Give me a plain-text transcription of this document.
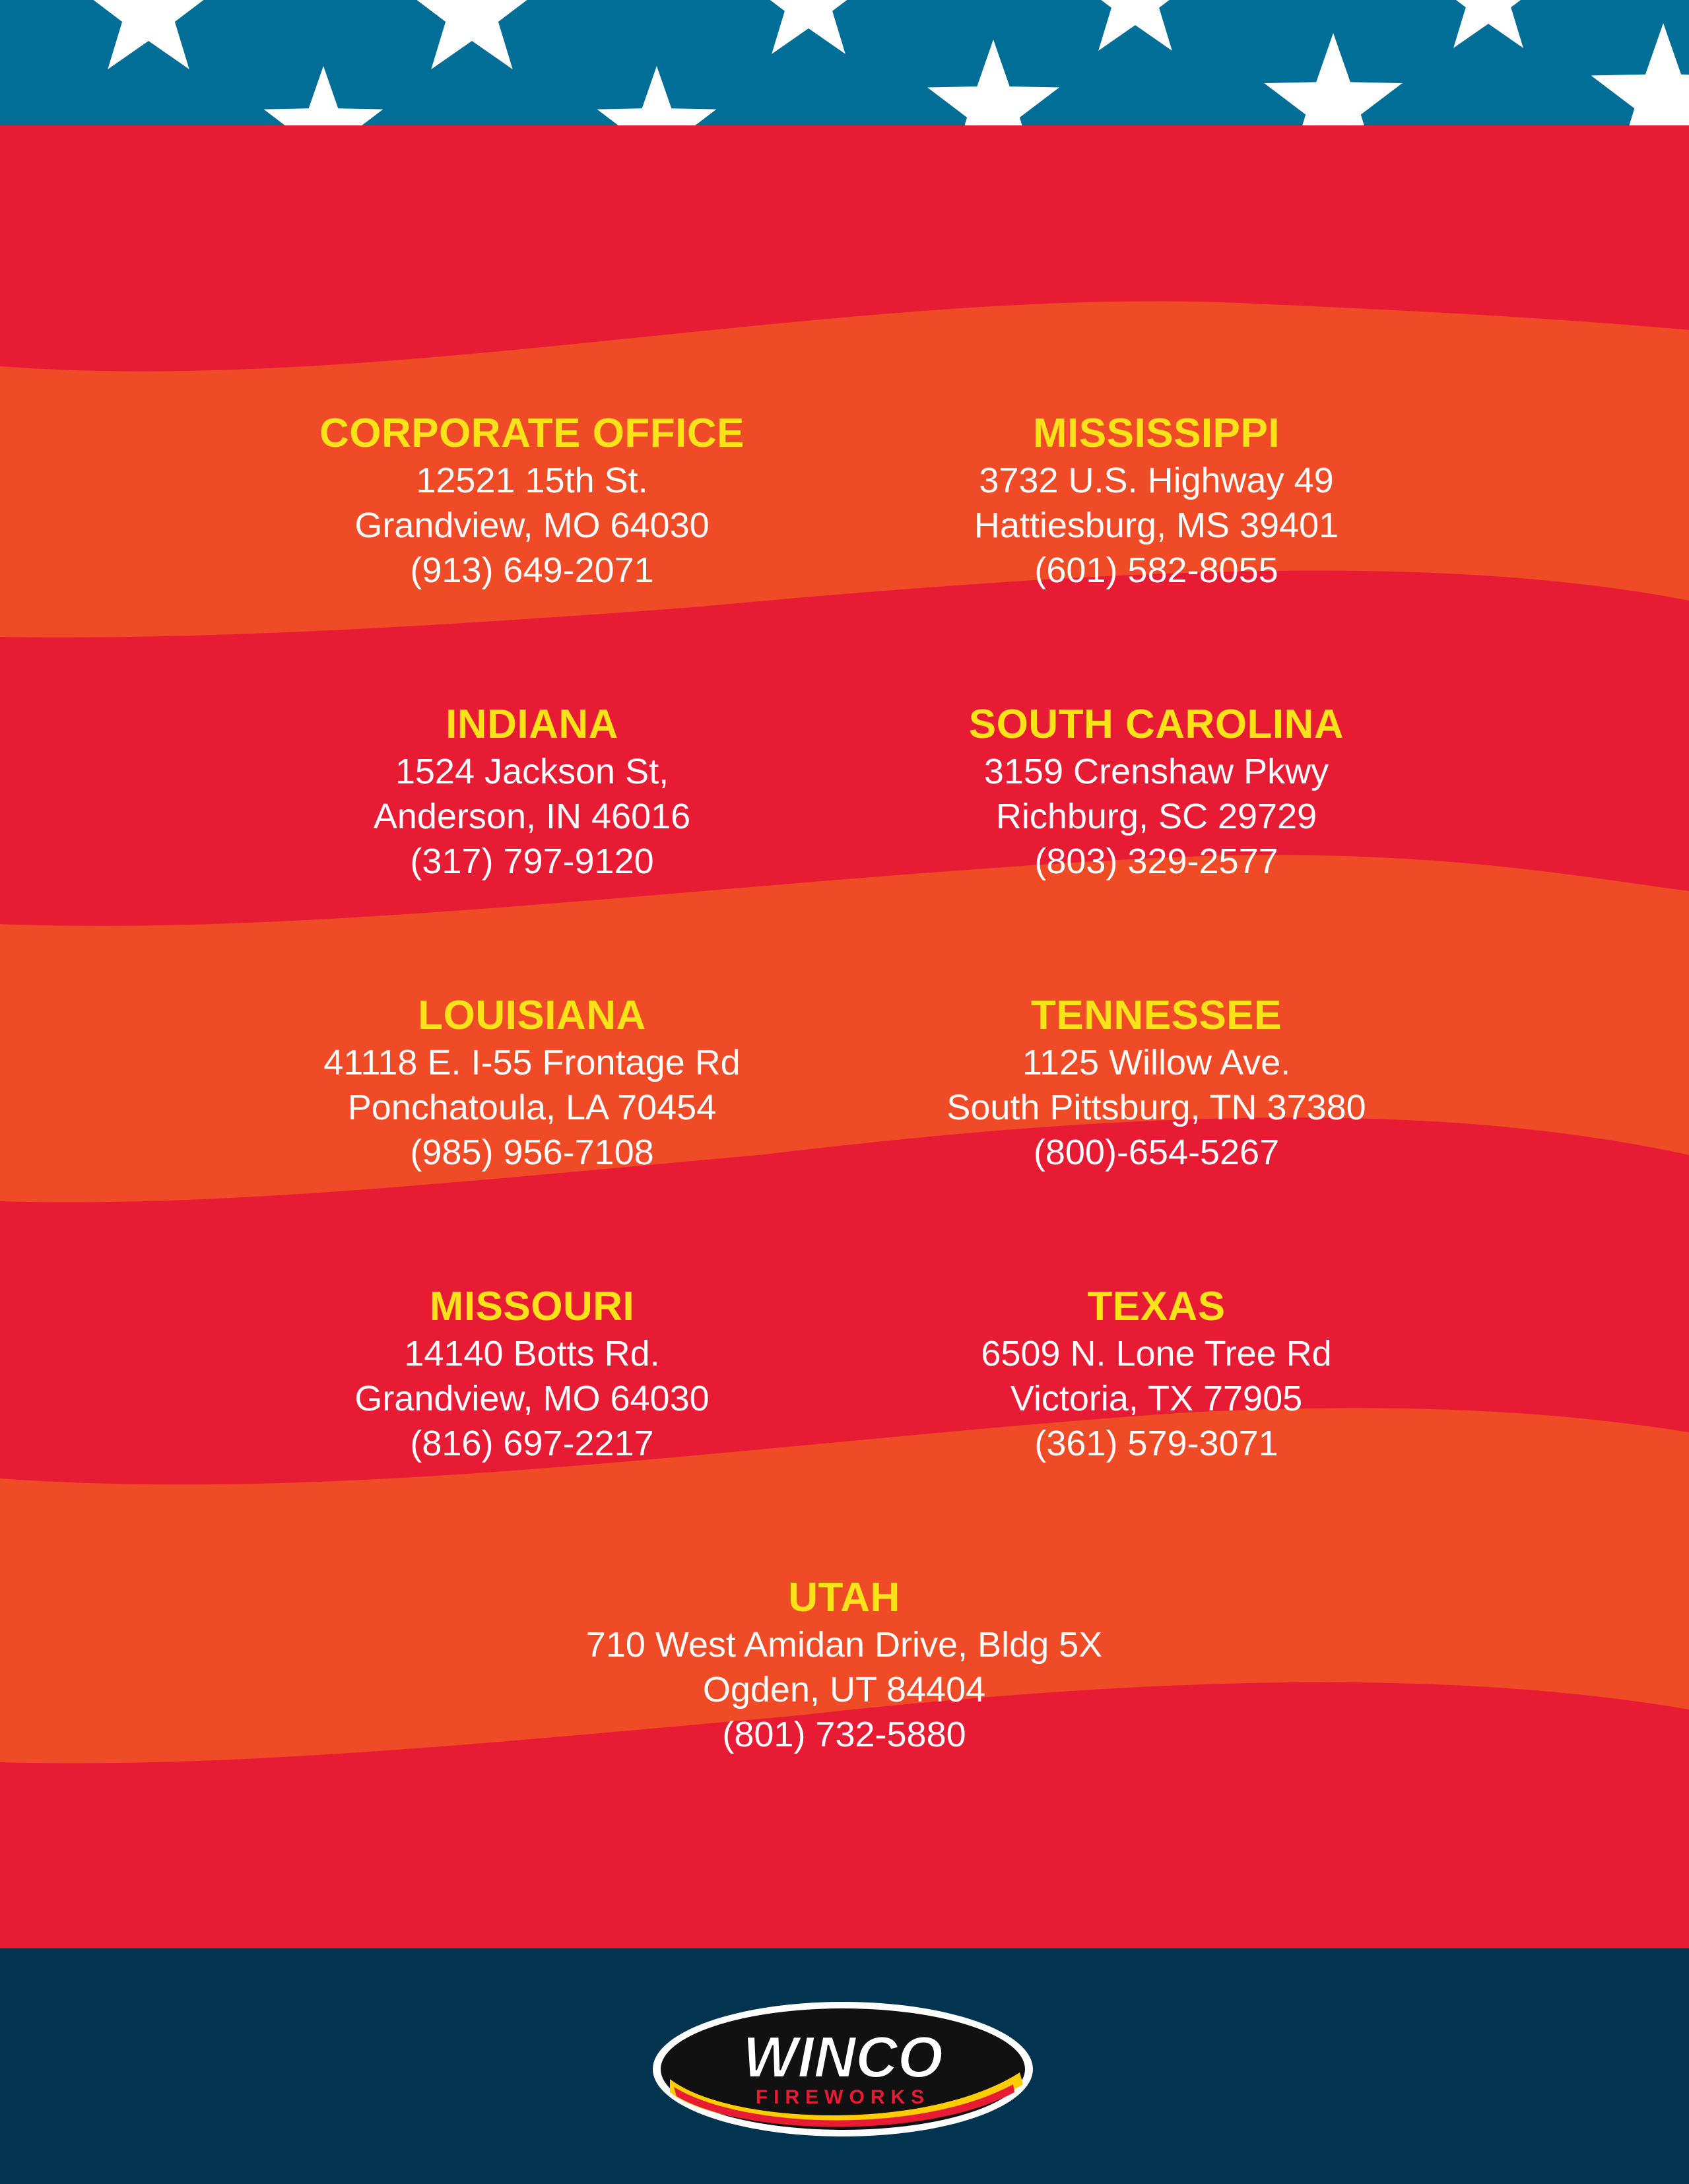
CORPORATE OFFICE
12521 15th St.
Grandview, MO 64030
(913) 649-2071
MISSISSIPPI
3732 U.S. Highway 49
Hattiesburg, MS 39401
(601) 582-8055
INDIANA
1524 Jackson St,
Anderson, IN 46016
(317) 797-9120
SOUTH CAROLINA
3159 Crenshaw Pkwy
Richburg, SC 29729
(803) 329-2577
LOUISIANA
41118 E. I-55 Frontage Rd
Ponchatoula, LA 70454
(985) 956-7108
TENNESSEE
1125 Willow Ave.
South Pittsburg, TN 37380
(800)-654-5267
MISSOURI
14140 Botts Rd.
Grandview, MO 64030
(816) 697-2217
TEXAS
6509 N. Lone Tree Rd
Victoria, TX 77905
(361) 579-3071
UTAH
710 West Amidan Drive, Bldg 5X
Ogden, UT 84404
(801) 732-5880
WINCO
FIREWORKS
